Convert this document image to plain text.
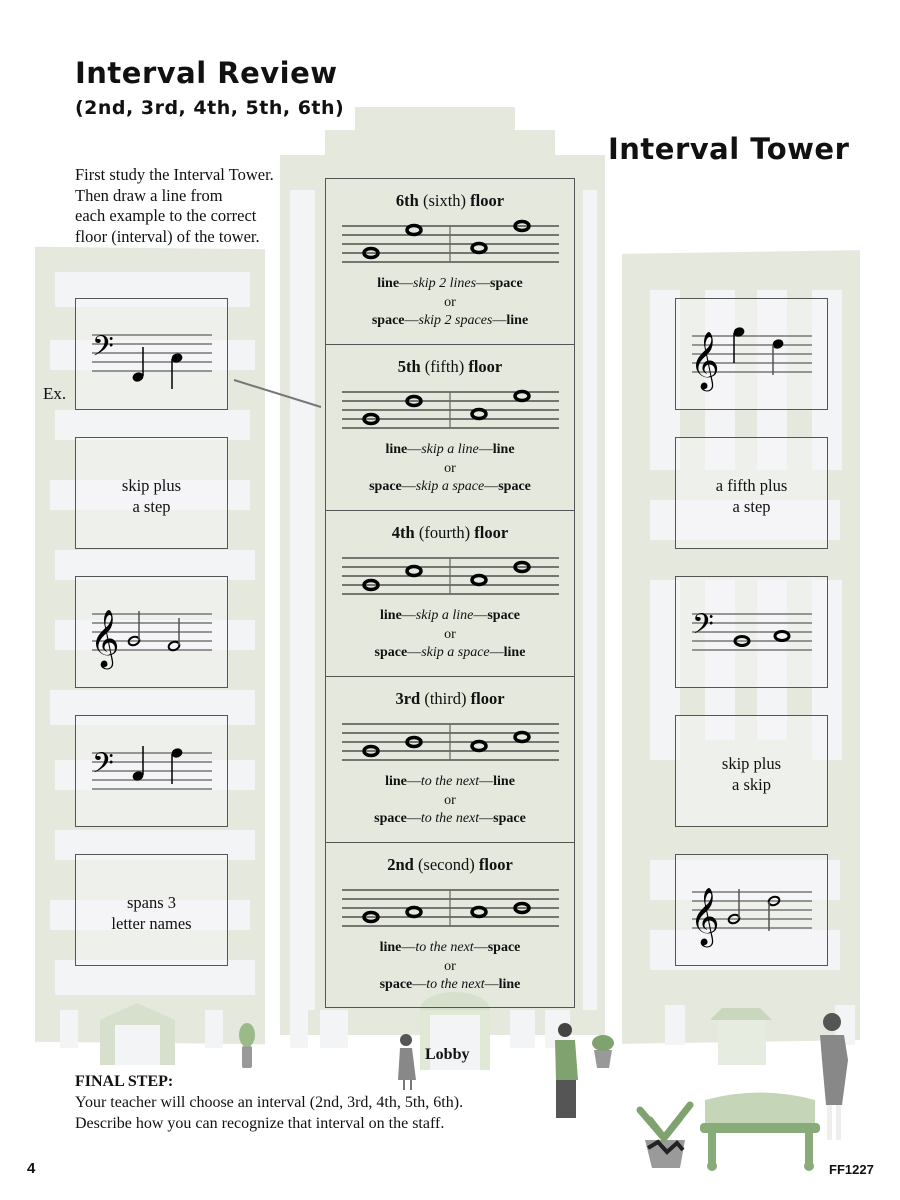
Interval Review
(2nd, 3rd, 4th, 5th, 6th)
Interval Tower
First study the Interval Tower.
Then draw a line from
each example to the correct
floor (interval) of the tower.
Ex.
𝄢
skip plus
a step
𝄞
𝄢
spans 3
letter names
𝄞
a fifth plus
a step
𝄢
skip plus
a skip
𝄞
6th (sixth) floor
line—skip 2 lines—space
or
space—skip 2 spaces—line
5th (fifth) floor
line—skip a line—line
or
space—skip a space—space
4th (fourth) floor
line—skip a line—space
or
space—skip a space—line
3rd (third) floor
line—to the next—line
or
space—to the next—space
2nd (second) floor
line—to the next—space
or
space—to the next—line
Lobby
FINAL STEP:
Your teacher will choose an interval (2nd, 3rd, 4th, 5th, 6th).
Describe how you can recognize that interval on the staff.
4	FF1227
